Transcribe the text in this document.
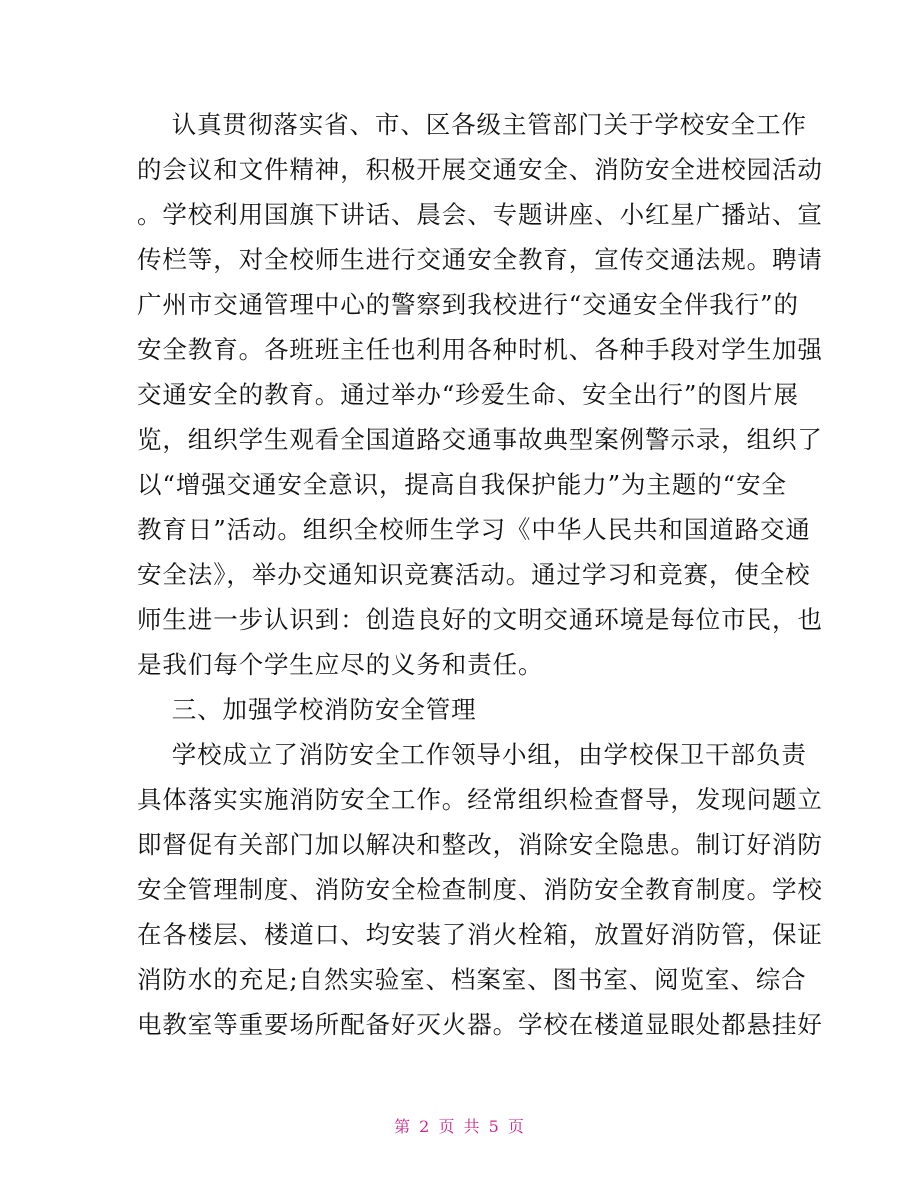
认真贯彻落实省、市、区各级主管部门关于学校安全工作
的会议和文件精神，积极开展交通安全、消防安全进校园活动
。学校利用国旗下讲话、晨会、专题讲座、小红星广播站、宣
传栏等，对全校师生进行交通安全教育，宣传交通法规。聘请
广州市交通管理中心的警察到我校进行“交通安全伴我行”的
安全教育。各班班主任也利用各种时机、各种手段对学生加强
交通安全的教育。通过举办“珍爱生命、安全出行”的图片展
览，组织学生观看全国道路交通事故典型案例警示录，组织了
以“增强交通安全意识，提高自我保护能力”为主题的“安全
教育日”活动。组织全校师生学习《中华人民共和国道路交通
安全法》，举办交通知识竞赛活动。通过学习和竞赛，使全校
师生进一步认识到：创造良好的文明交通环境是每位市民，也
是我们每个学生应尽的义务和责任。
三、加强学校消防安全管理
学校成立了消防安全工作领导小组，由学校保卫干部负责
具体落实实施消防安全工作。经常组织检查督导，发现问题立
即督促有关部门加以解决和整改，消除安全隐患。制订好消防
安全管理制度、消防安全检查制度、消防安全教育制度。学校
在各楼层、楼道口、均安装了消火栓箱，放置好消防管，保证
消防水的充足;自然实验室、档案室、图书室、阅览室、综合
电教室等重要场所配备好灭火器。学校在楼道显眼处都悬挂好
第 2 页 共 5 页
